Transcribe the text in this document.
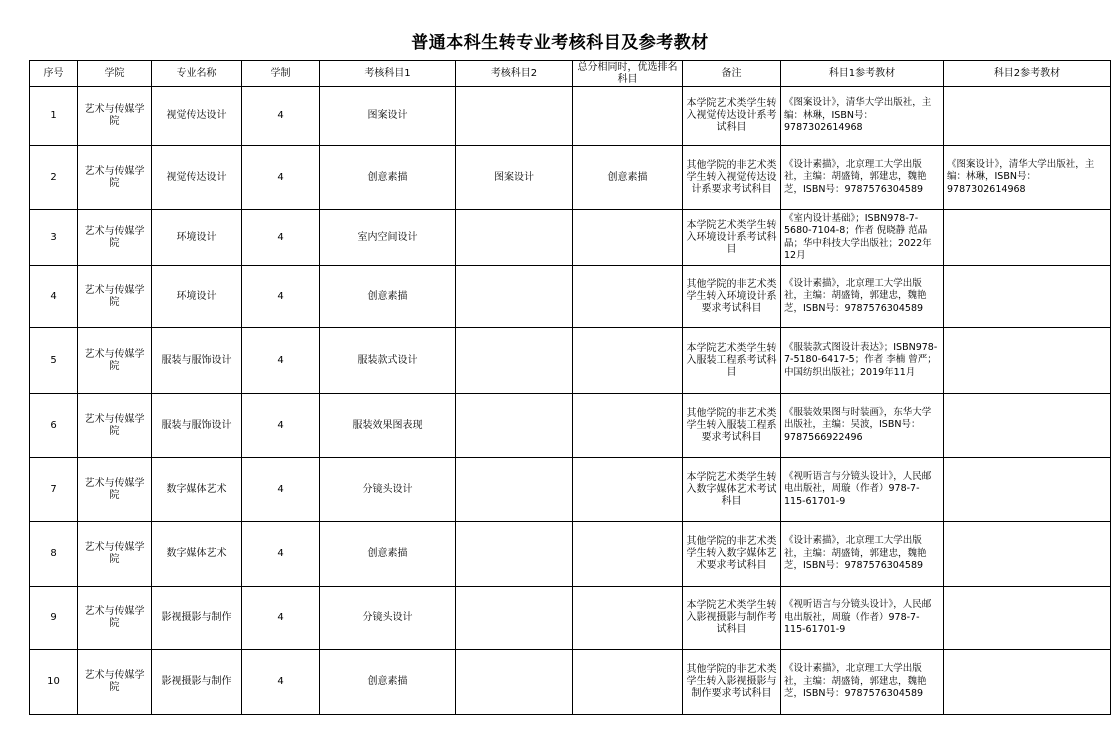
普通本科生转专业考核科目及参考教材
序号	学院	专业名称	学制	考核科目1	考核科目2	总分相同时，优选排名科目	备注	科目1参考教材	科目2参考教材
1	艺术与传媒学院	视觉传达设计	4	图案设计			本学院艺术类学生转入视觉传达设计系考试科目	《图案设计》，清华大学出版社，主编：林琳，ISBN号：9787302614968	
2	艺术与传媒学院	视觉传达设计	4	创意素描	图案设计	创意素描	其他学院的非艺术类学生转入视觉传达设计系要求考试科目	《设计素描》，北京理工大学出版社，主编：胡盛锜，郭建忠，魏艳芝，ISBN号：9787576304589	《图案设计》，清华大学出版社，主编：林琳，ISBN号：9787302614968
3	艺术与传媒学院	环境设计	4	室内空间设计			本学院艺术类学生转入环境设计系考试科目	《室内设计基础》；ISBN978-7-5680-7104-8；作者 倪晓静 范晶晶；华中科技大学出版社；2022年12月	
4	艺术与传媒学院	环境设计	4	创意素描			其他学院的非艺术类学生转入环境设计系要求考试科目	《设计素描》，北京理工大学出版社，主编：胡盛锜，郭建忠，魏艳芝，ISBN号：9787576304589	
5	艺术与传媒学院	服装与服饰设计	4	服装款式设计			本学院艺术类学生转入服装工程系考试科目	《服装款式图设计表达》；ISBN978-7-5180-6417-5；作者 李楠 曾严；中国纺织出版社；2019年11月	
6	艺术与传媒学院	服装与服饰设计	4	服装效果图表现			其他学院的非艺术类学生转入服装工程系要求考试科目	《服装效果图与时装画》，东华大学出版社，主编：吴波，ISBN号：9787566922496	
7	艺术与传媒学院	数字媒体艺术	4	分镜头设计			本学院艺术类学生转入数字媒体艺术考试科目	《视听语言与分镜头设计》，人民邮电出版社，周璇（作者）978-7-115-61701-9	
8	艺术与传媒学院	数字媒体艺术	4	创意素描			其他学院的非艺术类学生转入数字媒体艺术要求考试科目	《设计素描》，北京理工大学出版社，主编：胡盛锜，郭建忠，魏艳芝，ISBN号：9787576304589	
9	艺术与传媒学院	影视摄影与制作	4	分镜头设计			本学院艺术类学生转入影视摄影与制作考试科目	《视听语言与分镜头设计》，人民邮电出版社，周璇（作者）978-7-115-61701-9	
10	艺术与传媒学院	影视摄影与制作	4	创意素描			其他学院的非艺术类学生转入影视摄影与制作要求考试科目	《设计素描》，北京理工大学出版社，主编：胡盛锜，郭建忠，魏艳芝，ISBN号：9787576304589	
